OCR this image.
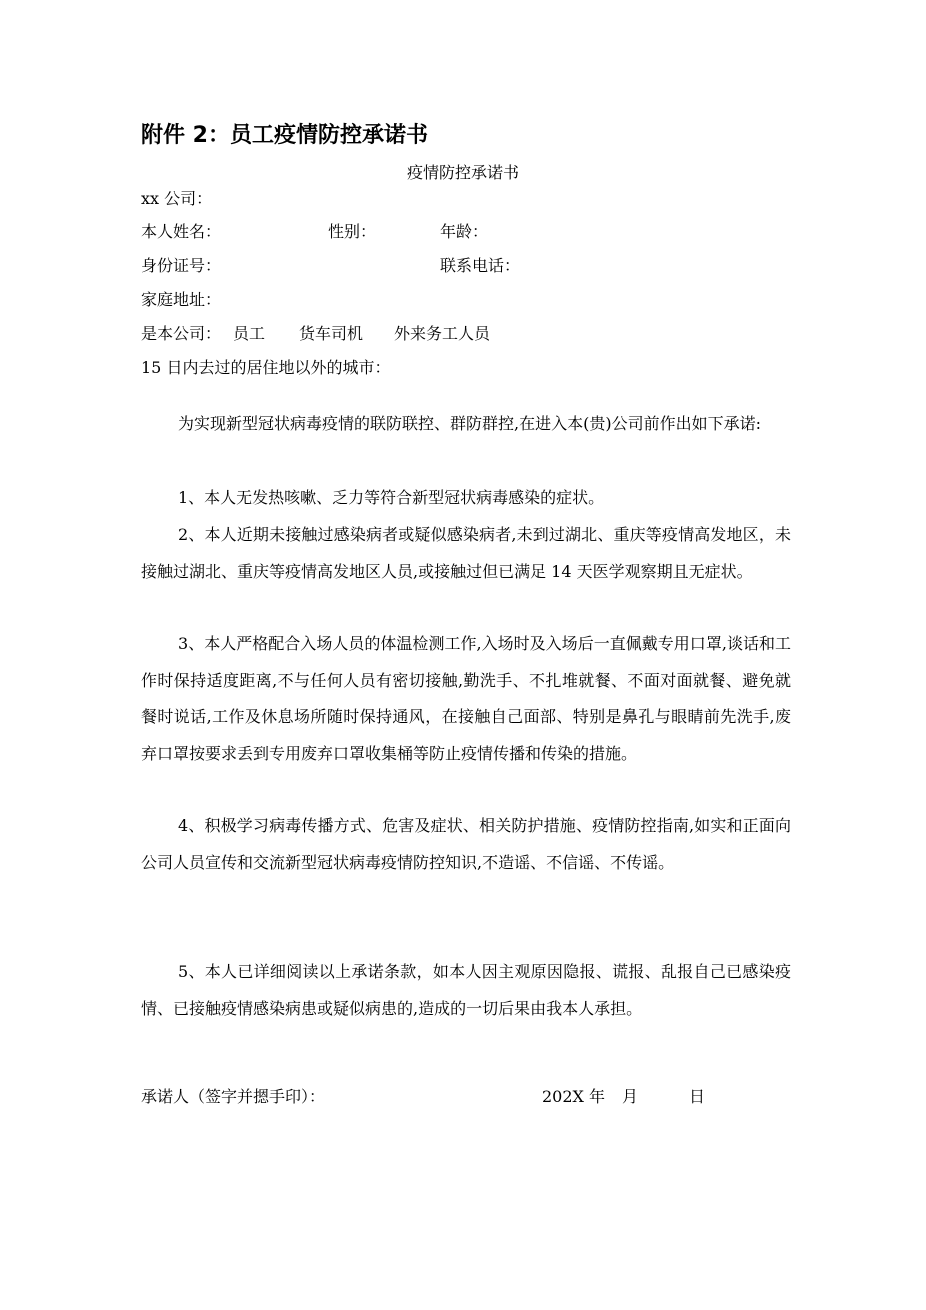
附件 2：员工疫情防控承诺书
疫情防控承诺书
xx 公司：
本人姓名：	性别：	年龄：
身份证号：	联系电话：
家庭地址：
是本公司： 员工 货车司机 外来务工人员
15 日内去过的居住地以外的城市：

为实现新型冠状病毒疫情的联防联控、群防群控,在进入本(贵)公司前作出如下承诺:

1、本人无发热咳嗽、乏力等符合新型冠状病毒感染的症状。

2、本人近期未接触过感染病者或疑似感染病者,未到过湖北、重庆等疫情高发地区，未接触过湖北、重庆等疫情高发地区人员,或接触过但已满足 14 天医学观察期且无症状。

3、本人严格配合入场人员的体温检测工作,入场时及入场后一直佩戴专用口罩,谈话和工作时保持适度距离,不与任何人员有密切接触,勤洗手、不扎堆就餐、不面对面就餐、避免就餐时说话,工作及休息场所随时保持通风，在接触自己面部、特别是鼻孔与眼睛前先洗手,废弃口罩按要求丢到专用废弃口罩收集桶等防止疫情传播和传染的措施。

4、积极学习病毒传播方式、危害及症状、相关防护措施、疫情防控指南,如实和正面向公司人员宣传和交流新型冠状病毒疫情防控知识,不造谣、不信谣、不传谣。

5、本人已详细阅读以上承诺条款，如本人因主观原因隐报、谎报、乱报自己已感染疫情、已接触疫情感染病患或疑似病患的,造成的一切后果由我本人承担。

承诺人（签字并摁手印）：	202X 年 月	日
